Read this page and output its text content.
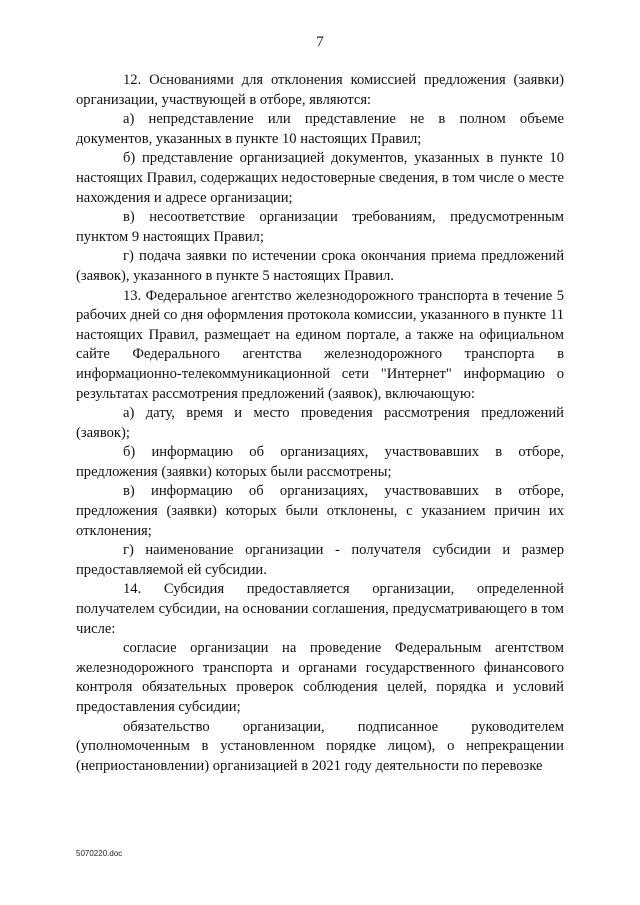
7

12. Основаниями для отклонения комиссией предложения (заявки) организации, участвующей в отборе, являются:

а) непредставление или представление не в полном объеме документов, указанных в пункте 10 настоящих Правил;

б) представление организацией документов, указанных в пункте 10 настоящих Правил, содержащих недостоверные сведения, в том числе о месте нахождения и адресе организации;

в) несоответствие организации требованиям, предусмотренным пунктом 9 настоящих Правил;

г) подача заявки по истечении срока окончания приема предложений (заявок), указанного в пункте 5 настоящих Правил.

13. Федеральное агентство железнодорожного транспорта в течение 5 рабочих дней со дня оформления протокола комиссии, указанного в пункте 11 настоящих Правил, размещает на едином портале, а также на официальном сайте Федерального агентства железнодорожного транспорта в информационно-телекоммуникационной сети "Интернет" информацию о результатах рассмотрения предложений (заявок), включающую:

а) дату, время и место проведения рассмотрения предложений (заявок);

б) информацию об организациях, участвовавших в отборе, предложения (заявки) которых были рассмотрены;

в) информацию об организациях, участвовавших в отборе, предложения (заявки) которых были отклонены, с указанием причин их отклонения;

г) наименование организации - получателя субсидии и размер предоставляемой ей субсидии.

14. Субсидия предоставляется организации, определенной получателем субсидии, на основании соглашения, предусматривающего в том числе:

согласие организации на проведение Федеральным агентством железнодорожного транспорта и органами государственного финансового контроля обязательных проверок соблюдения целей, порядка и условий предоставления субсидии;

обязательство организации, подписанное руководителем (уполномоченным в установленном порядке лицом), о непрекращении (неприостановлении) организацией в 2021 году деятельности по перевозке

5070220.doc
